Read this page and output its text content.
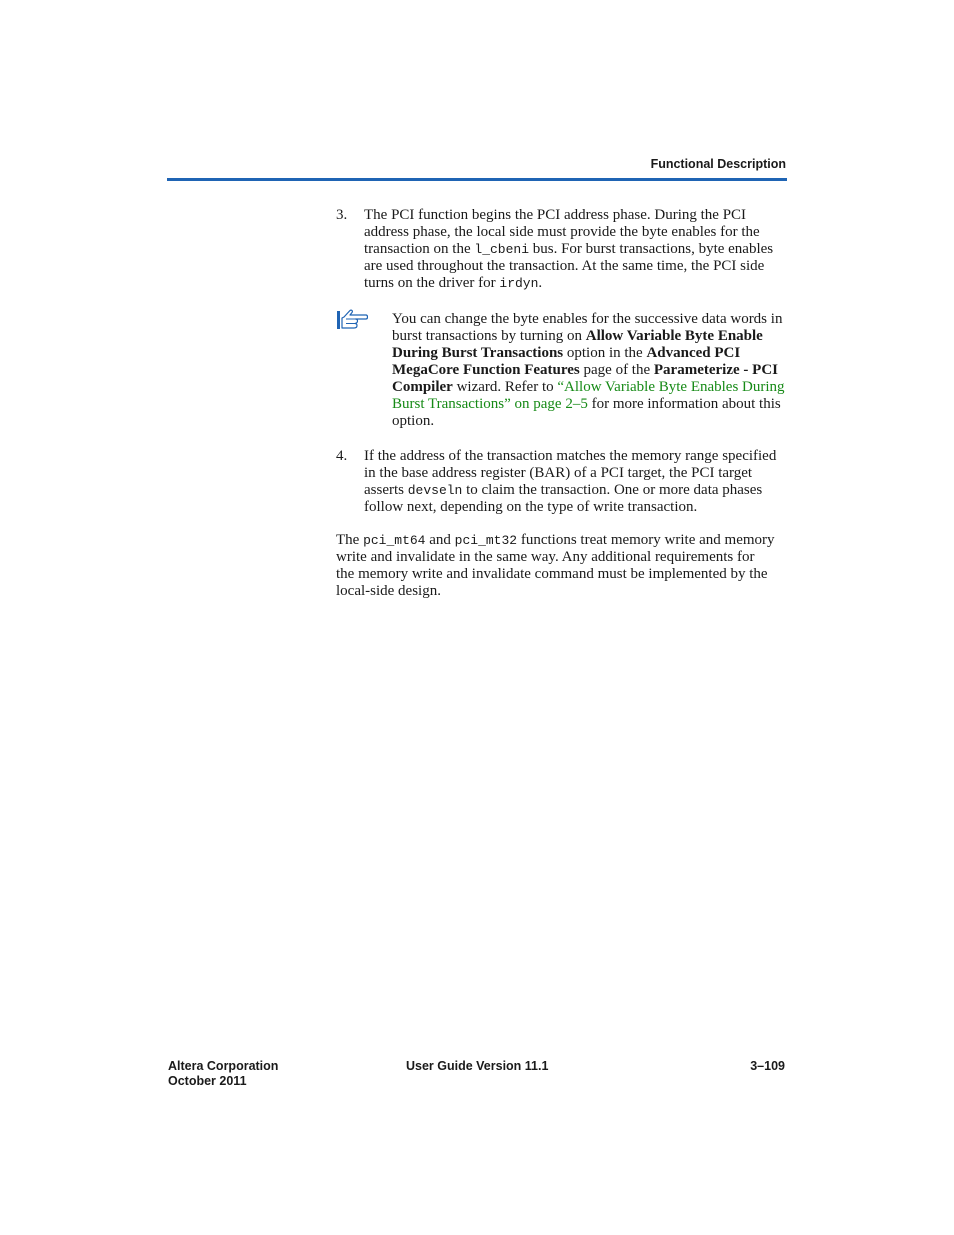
Functional Description
3. The PCI function begins the PCI address phase. During the PCI address phase, the local side must provide the byte enables for the transaction on the l_cbeni bus. For burst transactions, byte enables are used throughout the transaction. At the same time, the PCI side turns on the driver for irdyn.
You can change the byte enables for the successive data words in burst transactions by turning on Allow Variable Byte Enable During Burst Transactions option in the Advanced PCI MegaCore Function Features page of the Parameterize - PCI Compiler wizard. Refer to “Allow Variable Byte Enables During Burst Transactions” on page 2–5 for more information about this option.
4. If the address of the transaction matches the memory range specified in the base address register (BAR) of a PCI target, the PCI target asserts devseln to claim the transaction. One or more data phases follow next, depending on the type of write transaction.
The pci_mt64 and pci_mt32 functions treat memory write and memory write and invalidate in the same way. Any additional requirements for the memory write and invalidate command must be implemented by the local-side design.
Altera Corporation
October 2011
User Guide Version 11.1	3–109
